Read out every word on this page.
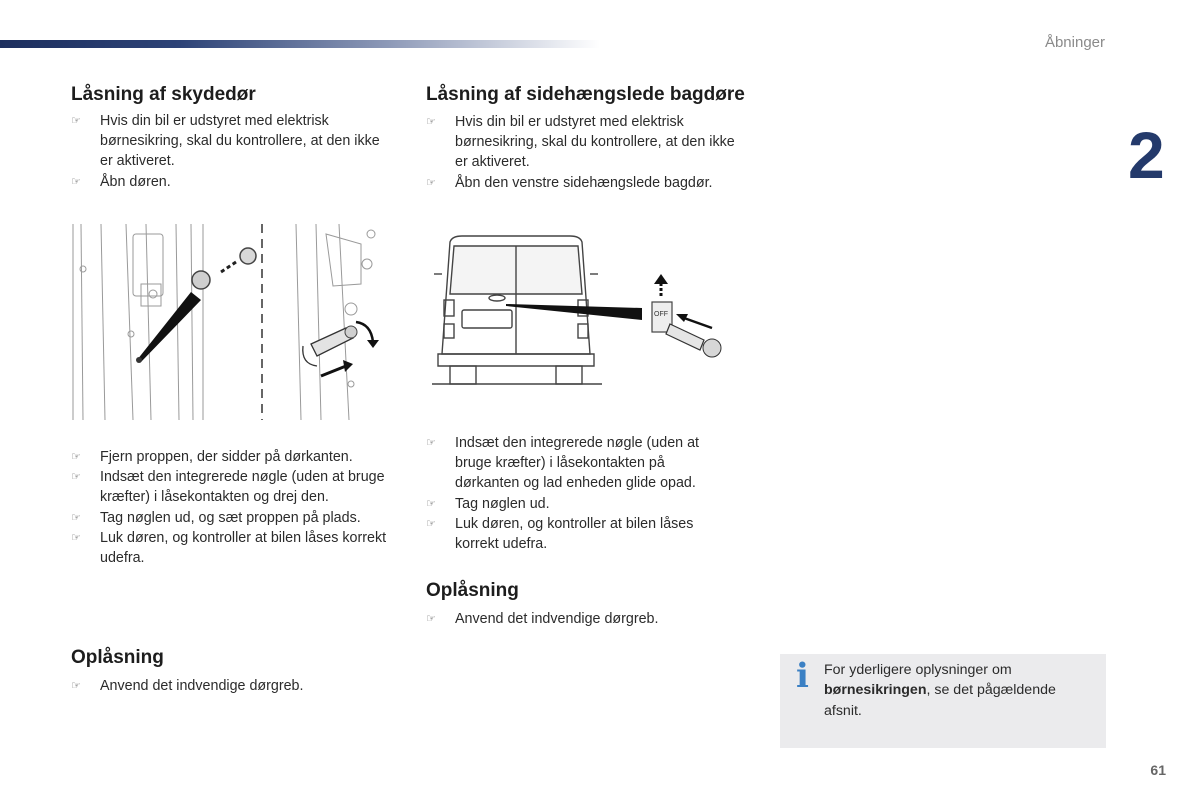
Åbninger
2
Låsning af skydedør
☞	Hvis din bil er udstyret med elektrisk børnesikring, skal du kontrollere, at den ikke er aktiveret.
☞	Åbn døren.
☞	Fjern proppen, der sidder på dørkanten.
☞	Indsæt den integrerede nøgle (uden at bruge kræfter) i låsekontakten og drej den.
☞	Tag nøglen ud, og sæt proppen på plads.
☞	Luk døren, og kontroller at bilen låses korrekt udefra.
Oplåsning
☞	Anvend det indvendige dørgreb.
Låsning af sidehængslede bagdøre
☞	Hvis din bil er udstyret med elektrisk børnesikring, skal du kontrollere, at den ikke er aktiveret.
☞	Åbn den venstre sidehængslede bagdør.
OFF
☞	Indsæt den integrerede nøgle (uden at bruge kræfter) i låsekontakten på dørkanten og lad enheden glide opad.
☞	Tag nøglen ud.
☞	Luk døren, og kontroller at bilen låses korrekt udefra.
Oplåsning
☞	Anvend det indvendige dørgreb.
i For yderligere oplysninger om børnesikringen, se det pågældende afsnit.
61
